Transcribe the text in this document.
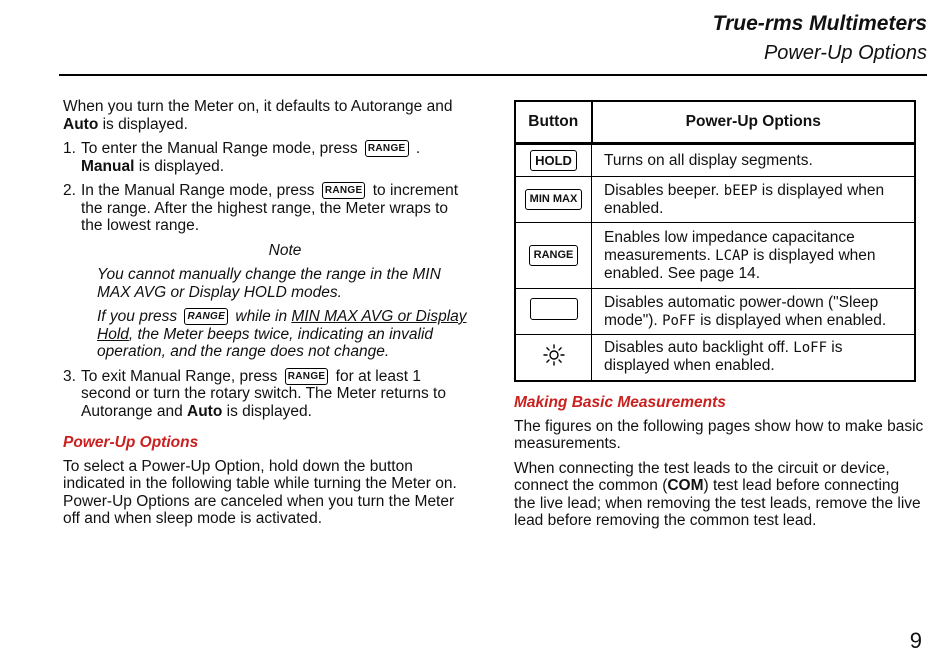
True-rms Multimeters
Power-Up Options

When you turn the Meter on, it defaults to Autorange and Auto is displayed.

1. To enter the Manual Range mode, press RANGE .
Manual is displayed.
2. In the Manual Range mode, press RANGE to increment the range. After the highest range, the Meter wraps to the lowest range.
Note

You cannot manually change the range in the MIN MAX AVG or Display HOLD modes.

If you press RANGE while in MIN MAX AVG or Display Hold, the Meter beeps twice, indicating an invalid operation, and the range does not change.

3. To exit Manual Range, press RANGE for at least 1 second or turn the rotary switch. The Meter returns to Autorange and Auto is displayed.
Power-Up Options

To select a Power-Up Option, hold down the button indicated in the following table while turning the Meter on. Power-Up Options are canceled when you turn the Meter off and when sleep mode is activated.

Button	Power-Up Options
HOLD	Turns on all display segments.
MIN MAX	Disables beeper. bEEP is displayed when enabled.
RANGE	Enables low impedance capacitance measurements. LCAP is displayed when enabled. See page 14.
	Disables automatic power-down ("Sleep mode"). PoFF is displayed when enabled.
	Disables auto backlight off. LoFF is displayed when enabled.
Making Basic Measurements

The figures on the following pages show how to make basic measurements.

When connecting the test leads to the circuit or device, connect the common (COM) test lead before connecting the live lead; when removing the test leads, remove the live lead before removing the common test lead.

9
